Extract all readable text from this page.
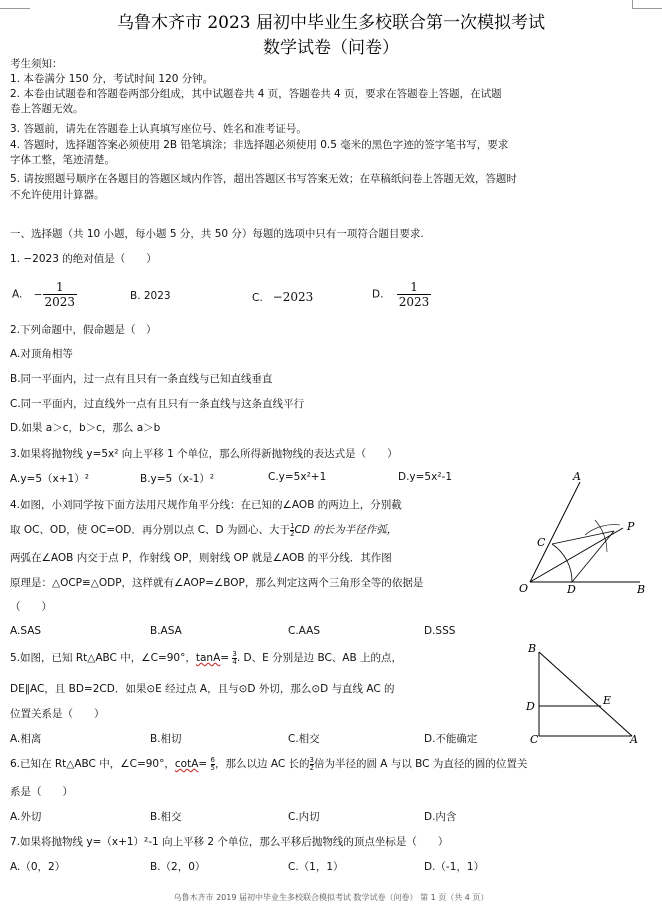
乌鲁木齐市 2023 届初中毕业生多校联合第一次模拟考试
数学试卷（问卷）
考生须知：
1. 本卷满分 150 分，考试时间 120 分钟。
2. 本卷由试题卷和答题卷两部分组成，其中试题卷共 4 页，答题卷共 4 页，要求在答题卷上答题，在试题
卷上答题无效。
3. 答题前，请先在答题卷上认真填写座位号、姓名和准考证号。
4. 答题时，选择题答案必须使用 2B 铅笔填涂；非选择题必须使用 0.5 毫米的黑色字迹的签字笔书写，要求
字体工整，笔迹清楚。
5. 请按照题号顺序在各题目的答题区域内作答，超出答题区书写答案无效；在草稿纸问卷上答题无效，答题时
不允许使用计算器。
一、选择题（共 10 小题，每小题 5 分，共 50 分）每题的选项中只有一项符合题目要求.
1. −2023 的绝对值是（　　）
A. − $\frac{1}{2023}$	B. 2023	C. −2023	D. $\frac{1}{2023}$
2.下列命题中，假命题是（　）
A.对顶角相等
B.同一平面内，过一点有且只有一条直线与已知直线垂直
C.同一平面内，过直线外一点有且只有一条直线与这条直线平行
D.如果 a＞c，b＞c，那么 a＞b
3.如果将抛物线 y=5x² 向上平移 1 个单位，那么所得新抛物线的表达式是（　　）
A.y=5（x+1）²	B.y=5（x-1）²	C.y=5x²+1	D.y=5x²-1
4.如图，小刘同学按下面方法用尺规作角平分线：在已知的∠AOB 的两边上，分别截
取 OC、OD，使 OC=OD．再分别以点 C、D 为圆心、大于 $\frac{1}{2}CD$ 的长为半径作弧，
两弧在∠AOB 内交于点 P，作射线 OP，则射线 OP 就是∠AOB 的平分线．其作图
原理是：△OCP≌△ODP，这样就有∠AOP=∠BOP，那么判定这两个三角形全等的依据是
（　　）
A.SAS	B.ASA	C.AAS	D.SSS
A
C
P
O	D	B
5.如图，已知 Rt△ABC 中，∠C=90°，$\tan A= \frac{3}{4}$. D、E 分别是边 BC、AB 上的点，
DE∥AC，且 BD=2CD．如果⊙E 经过点 A，且与⊙D 外切，那么⊙D 与直线 AC 的
位置关系是（　　）
A.相离	B.相切	C.相交	D.不能确定
B
D	E
C	A
6.已知在 Rt△ABC 中，∠C=90°，$\cot A= \frac{6}{5}$，那么以边 AC 长的 $\frac{3}{2}$倍为半径的圆 A 与以 BC 为直径的圆的位置关
系是（　　）
A.外切	B.相交	C.内切	D.内含
7.如果将抛物线 y=（x+1）²-1 向上平移 2 个单位，那么平移后抛物线的顶点坐标是（　　）
A.（0，2）	B.（2，0）	C.（1，1）	D.（-1，1）
乌鲁木齐市 2019 届初中毕业生多校联合模拟考试 数学试卷（问卷） 第 1 页（共 4 页）
